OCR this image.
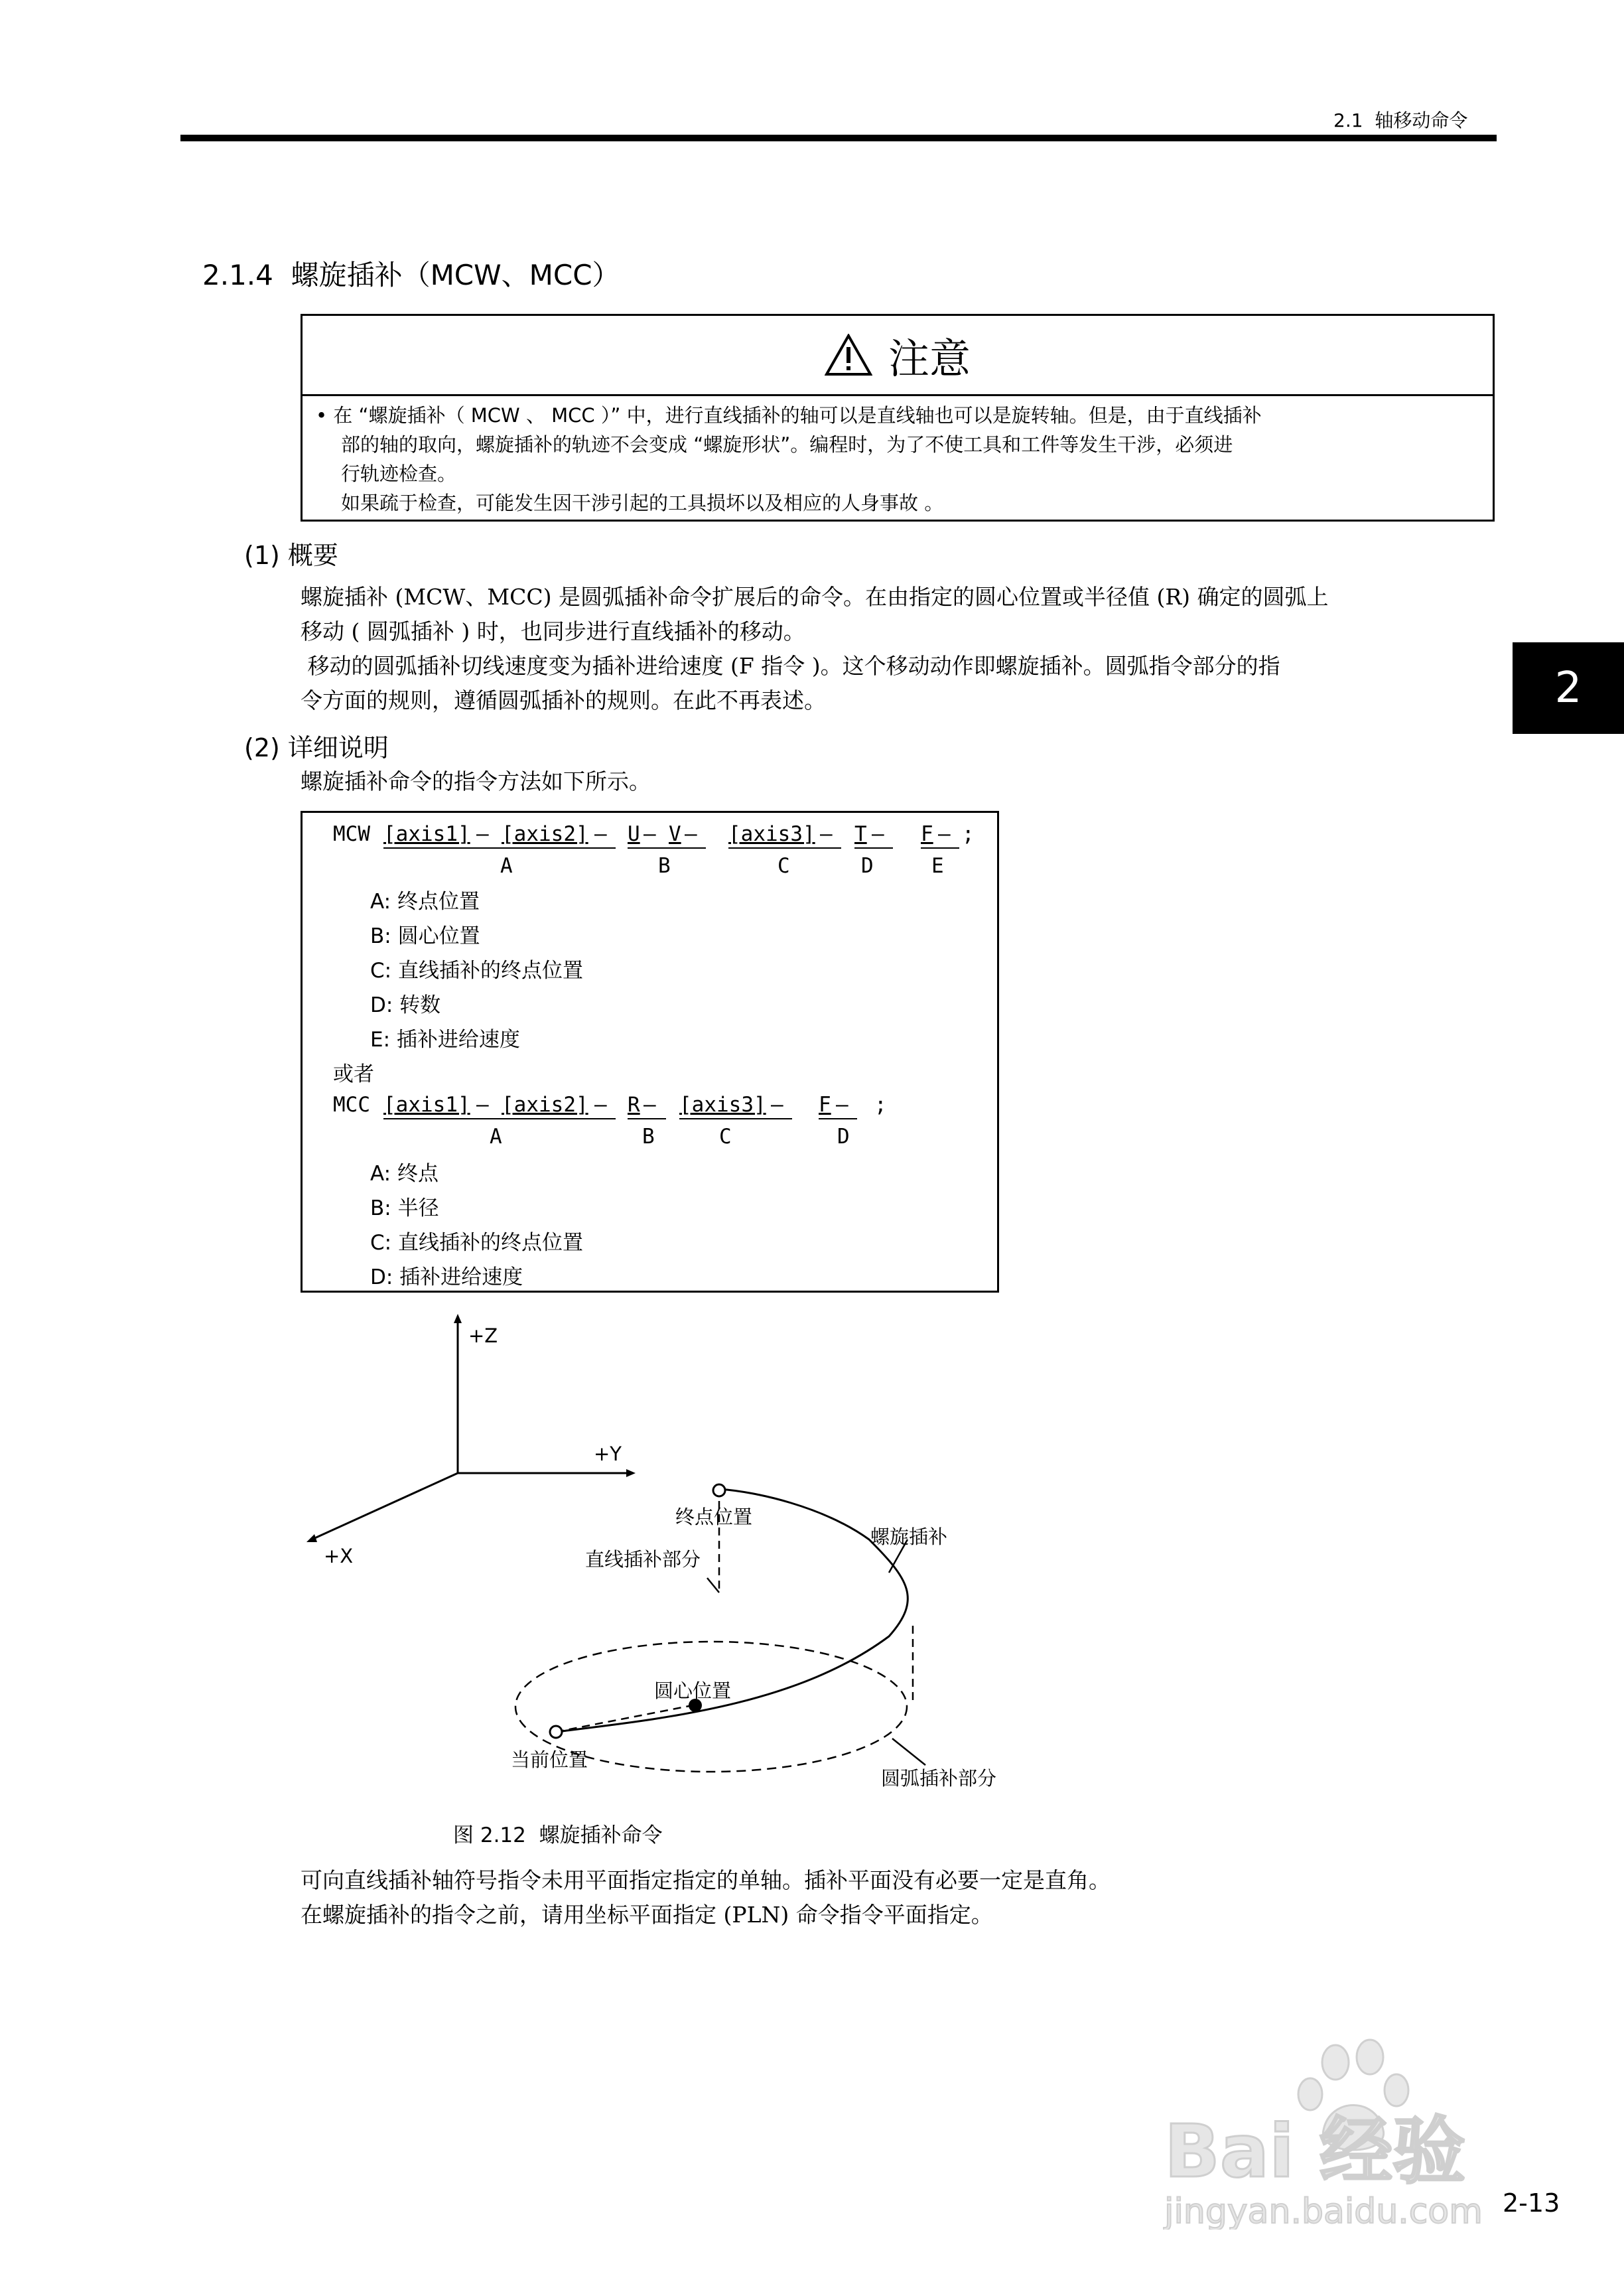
2.1  轴移动命令
2.1.4  螺旋插补（MCW、MCC）
注意
• 在 “螺旋插补（ MCW 、 MCC ）” 中，进行直线插补的轴可以是直线轴也可以是旋转轴。但是，由于直线插补
部的轴的取向，螺旋插补的轨迹不会变成 “螺旋形状”。编程时，为了不使工具和工件等发生干涉，必须进
行轨迹检查。
如果疏于检查，可能发生因干涉引起的工具损坏以及相应的人身事故 。
(1) 概要
螺旋插补 (MCW、MCC) 是圆弧插补命令扩展后的命令。在由指定的圆心位置或半径值 (R) 确定的圆弧上
移动 ( 圆弧插补 ) 时，也同步进行直线插补的移动。
移动的圆弧插补切线速度变为插补进给速度 (F 指令 )。这个移动动作即螺旋插补。圆弧指令部分的指
令方面的规则，遵循圆弧插补的规则。在此不再表述。	2
(2) 详细说明
螺旋插补命令的指令方法如下所示。
MCW [axis1] — [axis2] — U — V — [axis3] — T — F — ;
A	B	C	D	E
A: 终点位置
B: 圆心位置
C: 直线插补的终点位置
D: 转数
E: 插补进给速度
或者
MCC [axis1] — [axis2] — R — [axis3] — F — ;
A	B	C	D
A: 终点
B: 半径
C: 直线插补的终点位置
D: 插补进给速度
+Z
+Y
+X
终点位置
螺旋插补
直线插补部分
圆心位置
当前位置
圆弧插补部分
图 2.12  螺旋插补命令
可向直线插补轴符号指令未用平面指定指定的单轴。插补平面没有必要一定是直角。
在螺旋插补的指令之前，请用坐标平面指定 (PLN) 命令指令平面指定。
Bai 经验
jingyan.baidu.com 2-13
